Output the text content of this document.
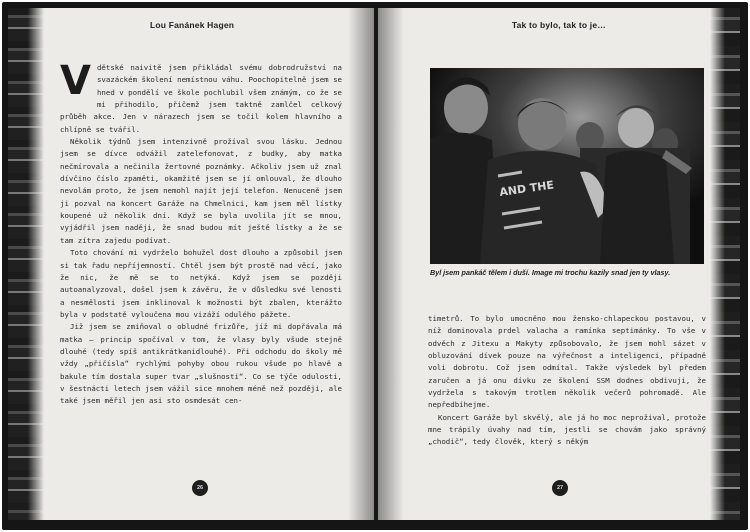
Lou Fanánek Hagen

Vdětské naivitě jsem přikládal svému dobrodružství na svazáckém školení nemístnou váhu. Poochopitelně jsem se hned v pondělí ve škole pochlubil všem známým, co že se mi přihodilo, přičemž jsem taktně zamlčel celkový průběh akce. Jen v nárazech jsem se točil kolem hlavního a chlípně se tvářil.

Několik týdnů jsem intenzivně prožíval svou lásku. Jednou jsem se dívce odvážil zatelefonovat, z budky, aby matka nečmírovala a nečinila žertovné poznámky. Ačkoliv jsem už znal dívčino číslo zpaměti, okamžitě jsem se jí omlouval, že dlouho nevolám proto, že jsem nemohl najít její telefon. Nenuceně jsem ji pozval na koncert Garáže na Chmelnici, kam jsem měl lístky koupené už několik dní. Když se byla uvolila jít se mnou, vyjádřil jsem naději, že snad budou mít ještě lístky a že se tam zítra zajedu podívat.

Toto chování mi vydrželo bohužel dost dlouho a způsobil jsem si tak řadu nepříjemností. Chtěl jsem být prostě nad věcí, jako že nic, že mě se to netýká. Když jsem se později autoanalyzoval, došel jsem k závěru, že v důsledku své lenosti a nesmělosti jsem inklinoval k možnosti být zbalen, kterážto byla v podstatě vyloučena mou vizáží odulého pážete.

Již jsem se zmiňoval o obludné frizůře, jíž mi dopřávala má matka – princip spočíval v tom, že vlasy byly všude stejně dlouhé (tedy spíš antikrátkanidlouhé). Při odchodu do školy mě vždy „přičísla“ rychlými pohyby obou rukou všude po hlavě a bakule tím dostala super tvar „slušnosti“. Co se týče odulosti, v šestnácti letech jsem vážil sice mnohem méně než později, ale také jsem měřil jen asi sto osmdesát cen-

26
Tak to bylo, tak to je…
AND THE
Byl jsem pankáč tělem i duší. Image mi trochu kazily snad jen ty vlasy.

timetrů. To bylo umocněno mou žensko-chlapeckou postavou, v níž dominovala prdel valacha a ramínka septimánky. To vše v odvěch z Jitexu a Makyty způsobovalo, že jsem mohl sázet v obluzování dívek pouze na výřečnost a inteligenci, případně voli dobrotu. Což jsem odmítal. Takže výsledek byl předem zaručen a já onu dívku ze školení SSM dodnes obdivuji, že vydržela s takovým trotlem několik večerů pohromadě. Ale nepředbíhejme.

Koncert Garáže byl skvělý, ale já ho moc neprožival, protože mne trápily úvahy nad tím, jestli se chovám jako správný „chodič“, tedy člověk, který s někým

27
